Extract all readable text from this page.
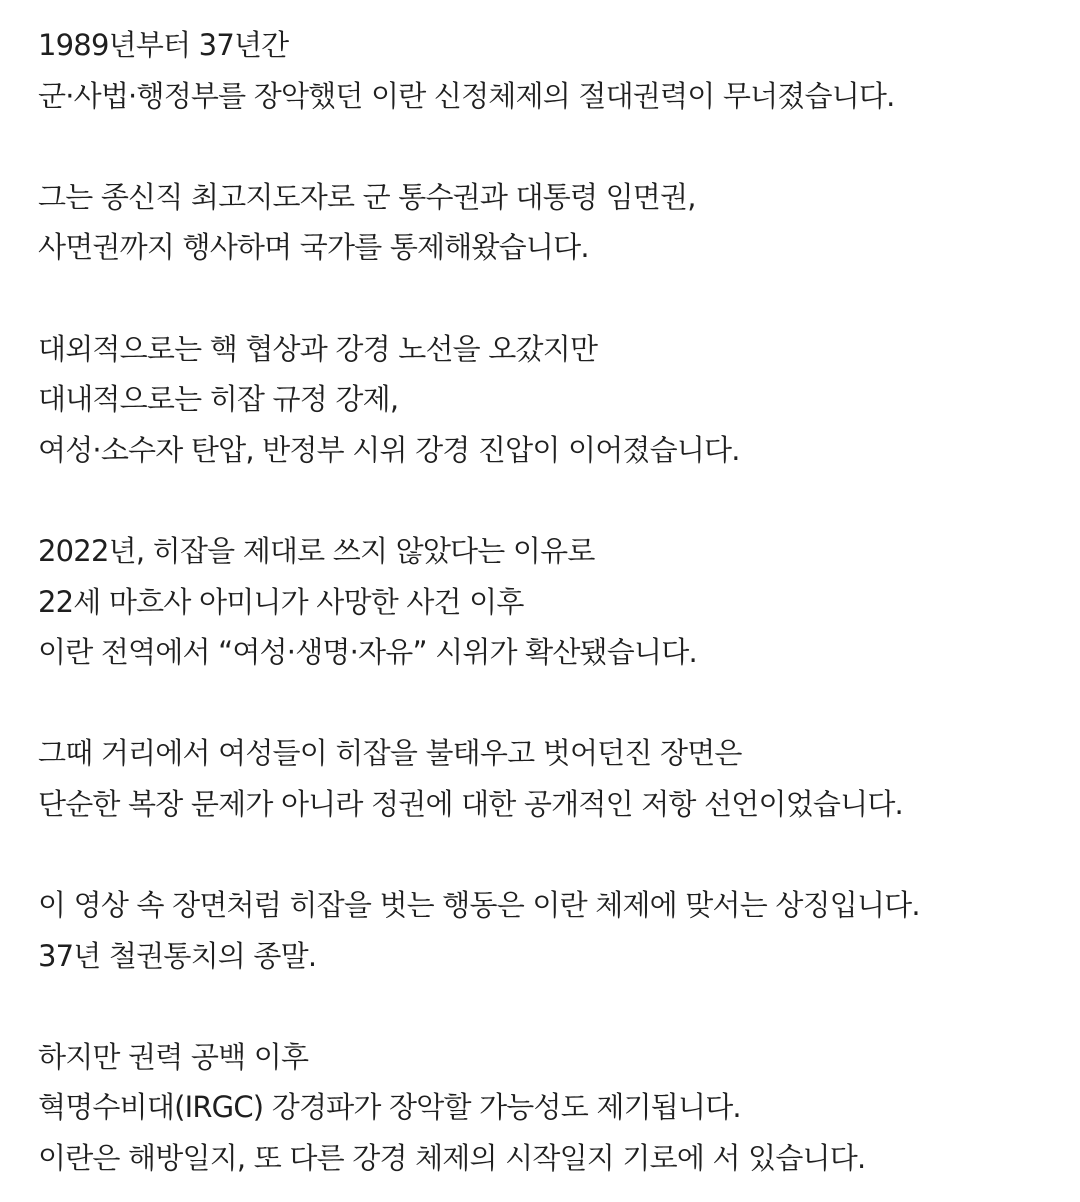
1989년부터 37년간
군·사법·행정부를 장악했던 이란 신정체제의 절대권력이 무너졌습니다.

그는 종신직 최고지도자로 군 통수권과 대통령 임면권,
사면권까지 행사하며 국가를 통제해왔습니다.

대외적으로는 핵 협상과 강경 노선을 오갔지만
대내적으로는 히잡 규정 강제,
여성·소수자 탄압, 반정부 시위 강경 진압이 이어졌습니다.

2022년, 히잡을 제대로 쓰지 않았다는 이유로
22세 마흐사 아미니가 사망한 사건 이후
이란 전역에서 “여성·생명·자유” 시위가 확산됐습니다.

그때 거리에서 여성들이 히잡을 불태우고 벗어던진 장면은
단순한 복장 문제가 아니라 정권에 대한 공개적인 저항 선언이었습니다.

이 영상 속 장면처럼 히잡을 벗는 행동은 이란 체제에 맞서는 상징입니다.
37년 철권통치의 종말.

하지만 권력 공백 이후
혁명수비대(IRGC) 강경파가 장악할 가능성도 제기됩니다.
이란은 해방일지, 또 다른 강경 체제의 시작일지 기로에 서 있습니다.
